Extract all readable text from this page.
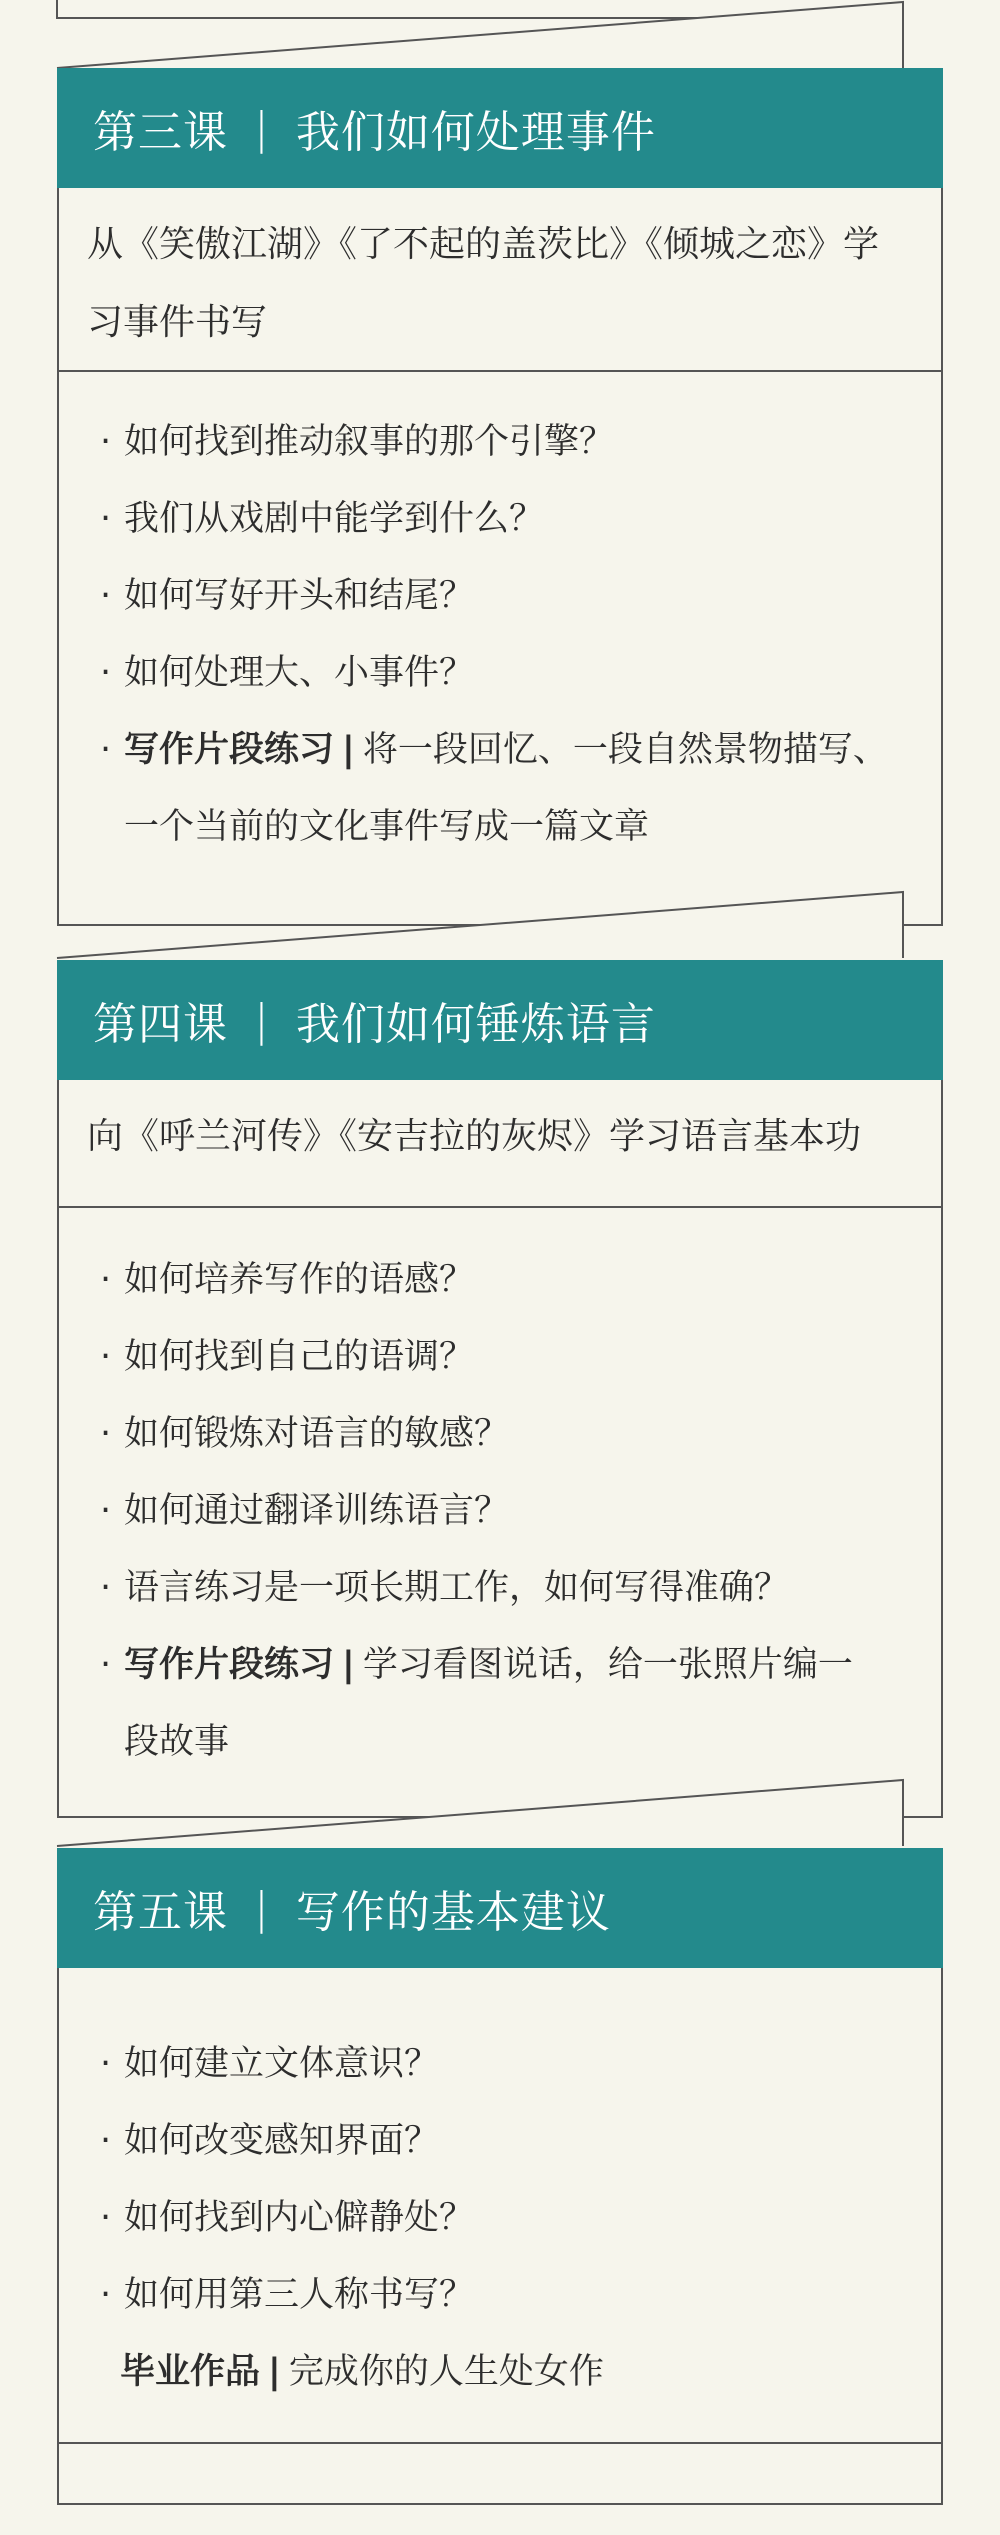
第三课 | 我们如何处理事件
从《笑傲江湖》《了不起的盖茨比》《倾城之恋》学习事件书写
· 如何找到推动叙事的那个引擎？
· 我们从戏剧中能学到什么？
· 如何写好开头和结尾？
· 如何处理大、小事件？
· 写作片段练习 | 将一段回忆、一段自然景物描写、一个当前的文化事件写成一篇文章
第四课 | 我们如何锤炼语言
向《呼兰河传》《安吉拉的灰烬》学习语言基本功
· 如何培养写作的语感？
· 如何找到自己的语调？
· 如何锻炼对语言的敏感？
· 如何通过翻译训练语言？
· 语言练习是一项长期工作，如何写得准确？
· 写作片段练习 | 学习看图说话，给一张照片编一段故事
第五课 | 写作的基本建议
· 如何建立文体意识？
· 如何改变感知界面？
· 如何找到内心僻静处？
· 如何用第三人称书写？
毕业作品 | 完成你的人生处女作
